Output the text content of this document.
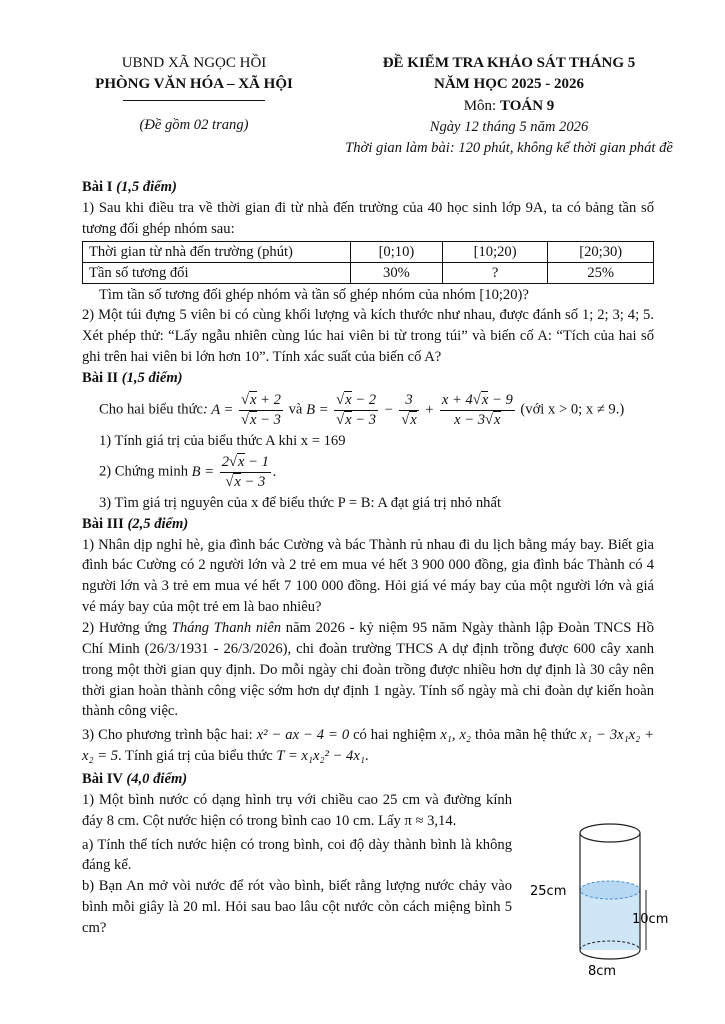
UBND XÃ NGỌC HỒI
PHÒNG VĂN HÓA – XÃ HỘI
(Đề gồm 02 trang)
ĐỀ KIỂM TRA KHẢO SÁT THÁNG 5
NĂM HỌC 2025 - 2026
Môn: TOÁN 9
Ngày 12 tháng 5 năm 2026
Thời gian làm bài: 120 phút, không kể thời gian phát đề

Bài I (1,5 điểm)

1) Sau khi điều tra về thời gian đi từ nhà đến trường của 40 học sinh lớp 9A, ta có bảng tần số tương đối ghép nhóm sau:

Thời gian từ nhà đến trường (phút)	[0;10)	[10;20)	[20;30)
Tần số tương đối	30%	?	25%

Tìm tần số tương đối ghép nhóm và tần số ghép nhóm của nhóm [10;20)?

2) Một túi đựng 5 viên bi có cùng khối lượng và kích thước như nhau, được đánh số 1; 2; 3; 4; 5. Xét phép thử: “Lấy ngẫu nhiên cùng lúc hai viên bi từ trong túi” và biến cố A: “Tích của hai số ghi trên hai viên bi lớn hơn 10”. Tính xác suất của biến cố A?

Bài II (1,5 điểm)

Cho hai biểu thức: $A = \frac{√x + 2}{√x - 3}$ và $B = \frac{√x - 2}{√x - 3} - \frac{3}{√x} + \frac{x + 4√x - 9}{x - 3√x}$ (với x > 0; x ≠ 9.)

1) Tính giá trị của biểu thức A khi x = 169

2) Chứng minh $B = \frac{2√x - 1}{√x - 3}$ .

3) Tìm giá trị nguyên của x để biểu thức P = B: A đạt giá trị nhỏ nhất

Bài III (2,5 điểm)

1) Nhân dịp nghỉ hè, gia đình bác Cường và bác Thành rủ nhau đi du lịch bằng máy bay. Biết gia đình bác Cường có 2 người lớn và 2 trẻ em mua vé hết 3 900 000 đồng, gia đình bác Thành có 4 người lớn và 3 trẻ em mua vé hết 7 100 000 đồng. Hỏi giá vé máy bay của một người lớn và giá vé máy bay của một trẻ em là bao nhiêu?

2) Hưởng ứng Tháng Thanh niên năm 2026 - kỷ niệm 95 năm Ngày thành lập Đoàn TNCS Hồ Chí Minh (26/3/1931 - 26/3/2026), chi đoàn trường THCS A dự định trồng được 600 cây xanh trong một thời gian quy định. Do mỗi ngày chi đoàn trồng được nhiều hơn dự định là 30 cây nên thời gian hoàn thành công việc sớm hơn dự định 1 ngày. Tính số ngày mà chi đoàn dự kiến hoàn thành công việc.

3) Cho phương trình bậc hai: x² − ax − 4 = 0 có hai nghiệm x₁, x₂ thỏa mãn hệ thức x₁ − 3x₁x₂ + x₂ = 5. Tính giá trị của biểu thức T = x₁x₂² − 4x₁.

Bài IV (4,0 điểm)

1) Một bình nước có dạng hình trụ với chiều cao 25 cm và đường kính đáy 8 cm. Cột nước hiện có trong bình cao 10 cm. Lấy π ≈ 3,14.

a) Tính thể tích nước hiện có trong bình, coi độ dày thành bình là không đáng kể.

b) Bạn An mở vòi nước để rót vào bình, biết rằng lượng nước chảy vào bình mỗi giây là 20 ml. Hỏi sau bao lâu cột nước còn cách miệng bình 5 cm?

25cm
10cm
8cm
